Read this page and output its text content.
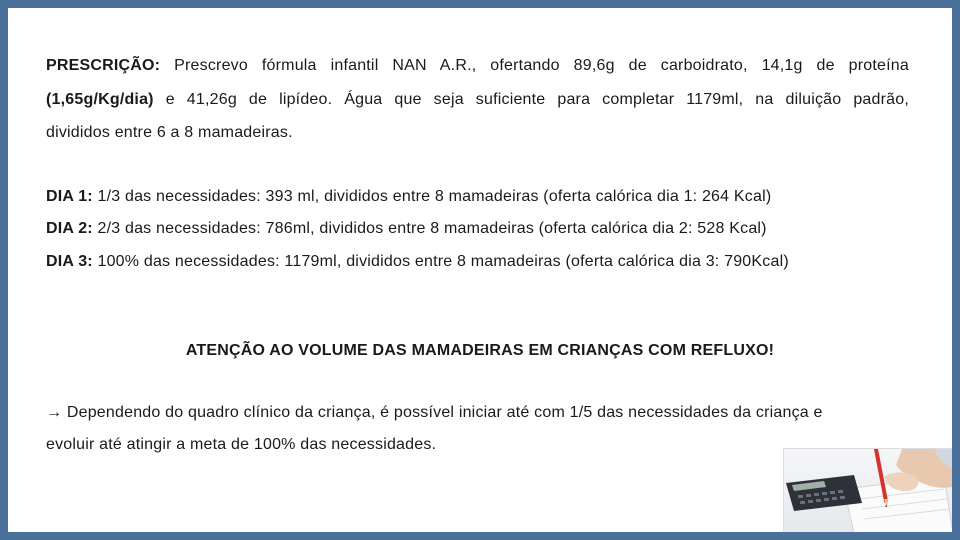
PRESCRIÇÃO: Prescrevo fórmula infantil NAN A.R., ofertando 89,6g de carboidrato, 14,1g de proteína
(1,65g/Kg/dia) e 41,26g de lipídeo. Água que seja suficiente para completar 1179ml, na diluição padrão,
divididos entre 6 a 8 mamadeiras.
DIA 1: 1/3 das necessidades: 393 ml, divididos entre 8 mamadeiras (oferta calórica dia 1: 264 Kcal)
DIA 2: 2/3 das necessidades: 786ml, divididos entre 8 mamadeiras (oferta calórica dia 2: 528 Kcal)
DIA 3: 100% das necessidades: 1179ml, divididos entre 8 mamadeiras (oferta calórica dia 3: 790Kcal)
ATENÇÃO AO VOLUME DAS MAMADEIRAS EM CRIANÇAS COM REFLUXO!
→ Dependendo do quadro clínico da criança, é possível iniciar até com 1/5 das necessidades da criança e
evoluir até atingir a meta de 100% das necessidades.
